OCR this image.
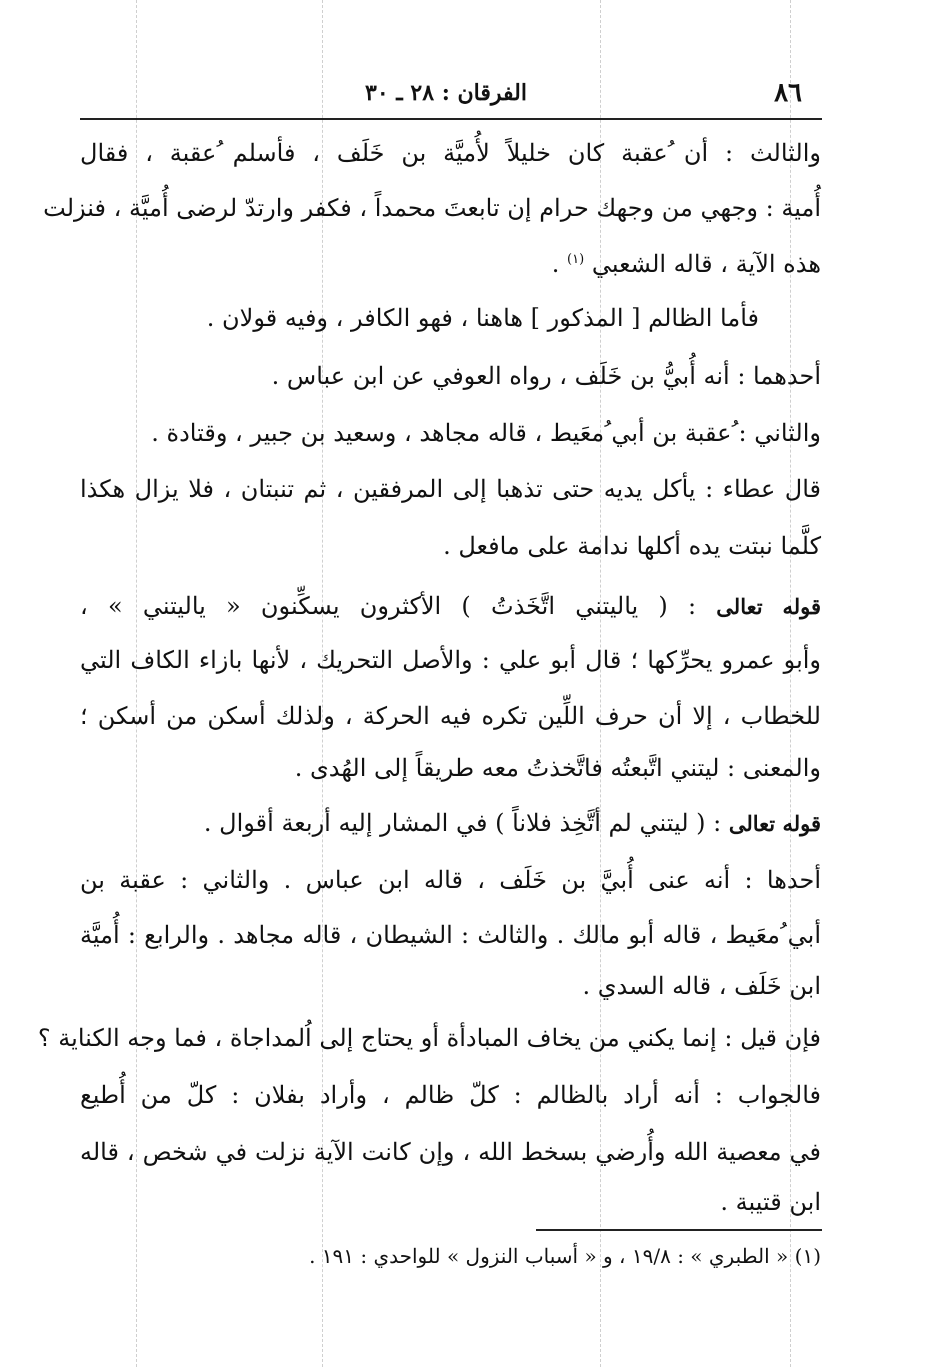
الفرقان : ٢٨ ـ ٣٠	٨٦
والثالث : أن ُعقبة كان خليلاً لأُميَّة بن خَلَف ، فأسلم ُعقبة ، فقال
أُمية : وجهي من وجهك حرام إن تابعتَ محمداً ، فكفر وارتدّ لرضى أُميَّة ، فنزلت
هذه الآية ، قاله الشعبي $^{(١)}$ .
فأما الظالم [ المذكور ] هاهنا ، فهو الكافر ، وفيه قولان .
أحدهما : أنه أُبيُّ بن خَلَف ، رواه العوفي عن ابن عباس .
والثاني : ُعقبة بن أبي ُمعَيط ، قاله مجاهد ، وسعيد بن جبير ، وقتادة .
قال عطاء : يأكل يديه حتى تذهبا إلى المرفقين ، ثم تنبتان ، فلا يزال هكذا
كلَّما نبتت يده أكلها ندامة على مافعل .
قوله تعالى : ( ياليتني اتَّخَذتُ ) الأكثرون يسكِّنون « ياليتني » ،
وأبو عمرو يحرِّكها ؛ قال أبو علي : والأصل التحريك ، لأنها بازاء الكاف التي
للخطاب ، إلا أن حرف اللِّين تكره فيه الحركة ، ولذلك أسكن من أسكن ؛
والمعنى : ليتني اتَّبعتُه فاتَّخذتُ معه طريقاً إلى الهُدى .
قوله تعالى : ( ليتني لم أتَّخِذ فلاناً ) في المشار إليه أربعة أقوال .
أحدها : أنه عنى أُبيَّ بن خَلَف ، قاله ابن عباس . والثاني : عقبة بن
أبي ُمعَيط ، قاله أبو مالك . والثالث : الشيطان ، قاله مجاهد . والرابع : أُميَّة
ابن خَلَف ، قاله السدي .
فإن قيل : إنما يكني من يخاف المبادأة أو يحتاج إلى اُلمداجاة ، فما وجه الكناية ؟
فالجواب : أنه أراد بالظالم : كلّ ظالم ، وأراد بفلان : كلّ من أُطيع
في معصية الله وأُرضي بسخط الله ، وإن كانت الآية نزلت في شخص ، قاله
ابن قتيبة .
(١) « الطبري » : ١٩/٨ ، و « أسباب النزول » للواحدي : ١٩١ .
